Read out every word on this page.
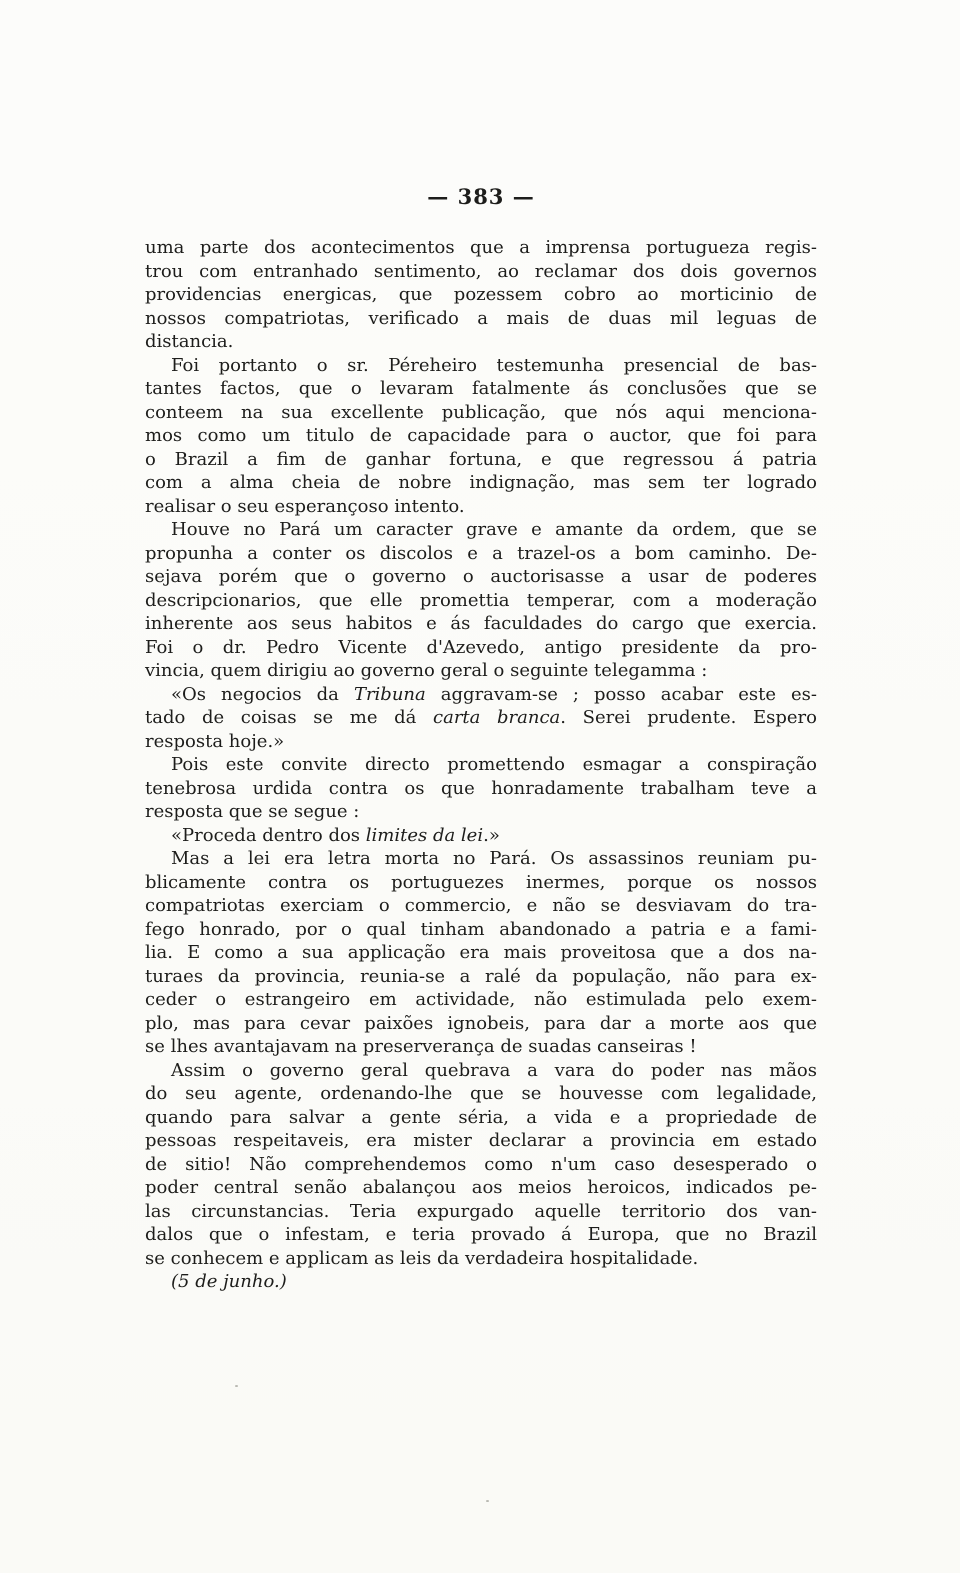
— 383 —
uma parte dos acontecimentos que a imprensa portugueza regis-
trou com entranhado sentimento, ao reclamar dos dois governos
providencias energicas, que pozessem cobro ao morticinio de
nossos compatriotas, verificado a mais de duas mil leguas de
distancia.
Foi portanto o sr. Péreheiro testemunha presencial de bas-
tantes factos, que o levaram fatalmente ás conclusões que se
conteem na sua excellente publicação, que nós aqui menciona-
mos como um titulo de capacidade para o auctor, que foi para
o Brazil a fim de ganhar fortuna, e que regressou á patria
com a alma cheia de nobre indignação, mas sem ter logrado
realisar o seu esperançoso intento.
Houve no Pará um caracter grave e amante da ordem, que se
propunha a conter os discolos e a trazel-os a bom caminho. De-
sejava porém que o governo o auctorisasse a usar de poderes
descripcionarios, que elle promettia temperar, com a moderação
inherente aos seus habitos e ás faculdades do cargo que exercia.
Foi o dr. Pedro Vicente d'Azevedo, antigo presidente da pro-
vincia, quem dirigiu ao governo geral o seguinte telegamma :
«Os negocios da Tribuna aggravam-se ; posso acabar este es-
tado de coisas se me dá carta branca. Serei prudente. Espero
resposta hoje.»
Pois este convite directo promettendo esmagar a conspiração
tenebrosa urdida contra os que honradamente trabalham teve a
resposta que se segue :
«Proceda dentro dos limites da lei.»
Mas a lei era letra morta no Pará. Os assassinos reuniam pu-
blicamente contra os portuguezes inermes, porque os nossos
compatriotas exerciam o commercio, e não se desviavam do tra-
fego honrado, por o qual tinham abandonado a patria e a fami-
lia. E como a sua applicação era mais proveitosa que a dos na-
turaes da provincia, reunia-se a ralé da população, não para ex-
ceder o estrangeiro em actividade, não estimulada pelo exem-
plo, mas para cevar paixões ignobeis, para dar a morte aos que
se lhes avantajavam na preserverança de suadas canseiras !
Assim o governo geral quebrava a vara do poder nas mãos
do seu agente, ordenando-lhe que se houvesse com legalidade,
quando para salvar a gente séria, a vida e a propriedade de
pessoas respeitaveis, era mister declarar a provincia em estado
de sitio! Não comprehendemos como n'um caso desesperado o
poder central senão abalançou aos meios heroicos, indicados pe-
las circunstancias. Teria expurgado aquelle territorio dos van-
dalos que o infestam, e teria provado á Europa, que no Brazil
se conhecem e applicam as leis da verdadeira hospitalidade.
(5 de junho.)
